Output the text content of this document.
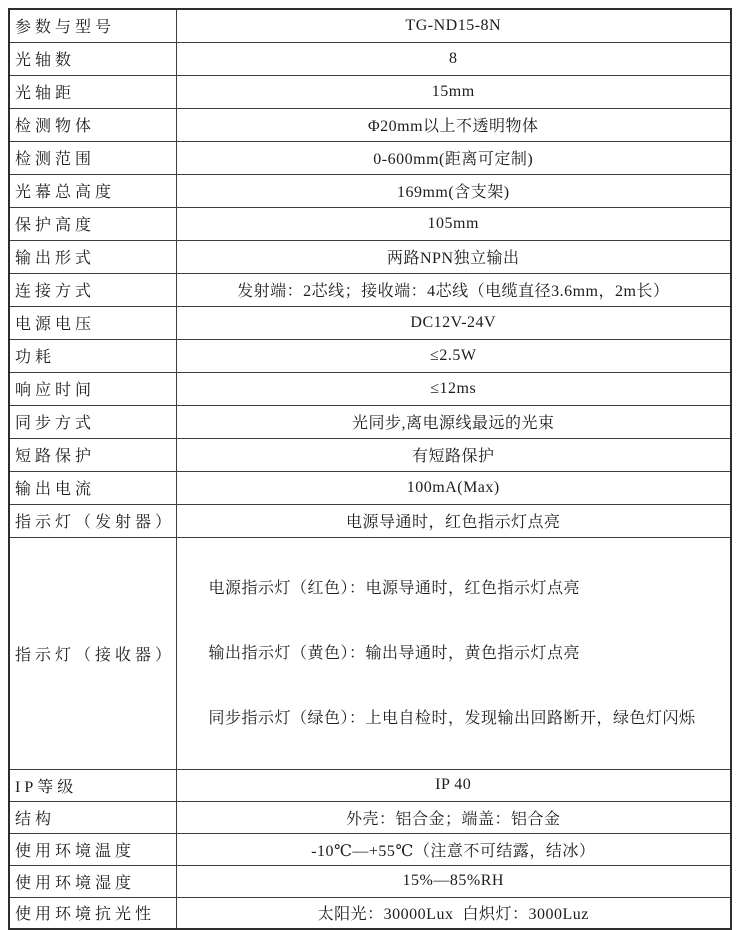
参数与型号	TG-ND15-8N
光轴数	8
光轴距	15mm
检测物体	Φ20mm以上不透明物体
检测范围	0-600mm(距离可定制)
光幕总高度	169mm(含支架)
保护高度	105mm
输出形式	两路NPN独立输出
连接方式	发射端：2芯线；接收端：4芯线（电缆直径3.6mm，2m长）
电源电压	DC12V-24V
功耗	≤2.5W
响应时间	≤12ms
同步方式	光同步,离电源线最远的光束
短路保护	有短路保护
输出电流	100mA(Max)
指示灯（发射器）	电源导通时，红色指示灯点亮
指示灯（接收器）	电源指示灯（红色）：电源导通时，红色指示灯点亮

输出指示灯（黄色）：输出导通时，黄色指示灯点亮

同步指示灯（绿色）：上电自检时，发现输出回路断开，绿色灯闪烁

IP等级	IP 40
结构	外壳：铝合金；端盖：铝合金
使用环境温度	-10℃—+55℃（注意不可结露，结冰）
使用环境湿度	15%—85%RH
使用环境抗光性	太阳光：30000Lux  白炽灯：3000Luz
